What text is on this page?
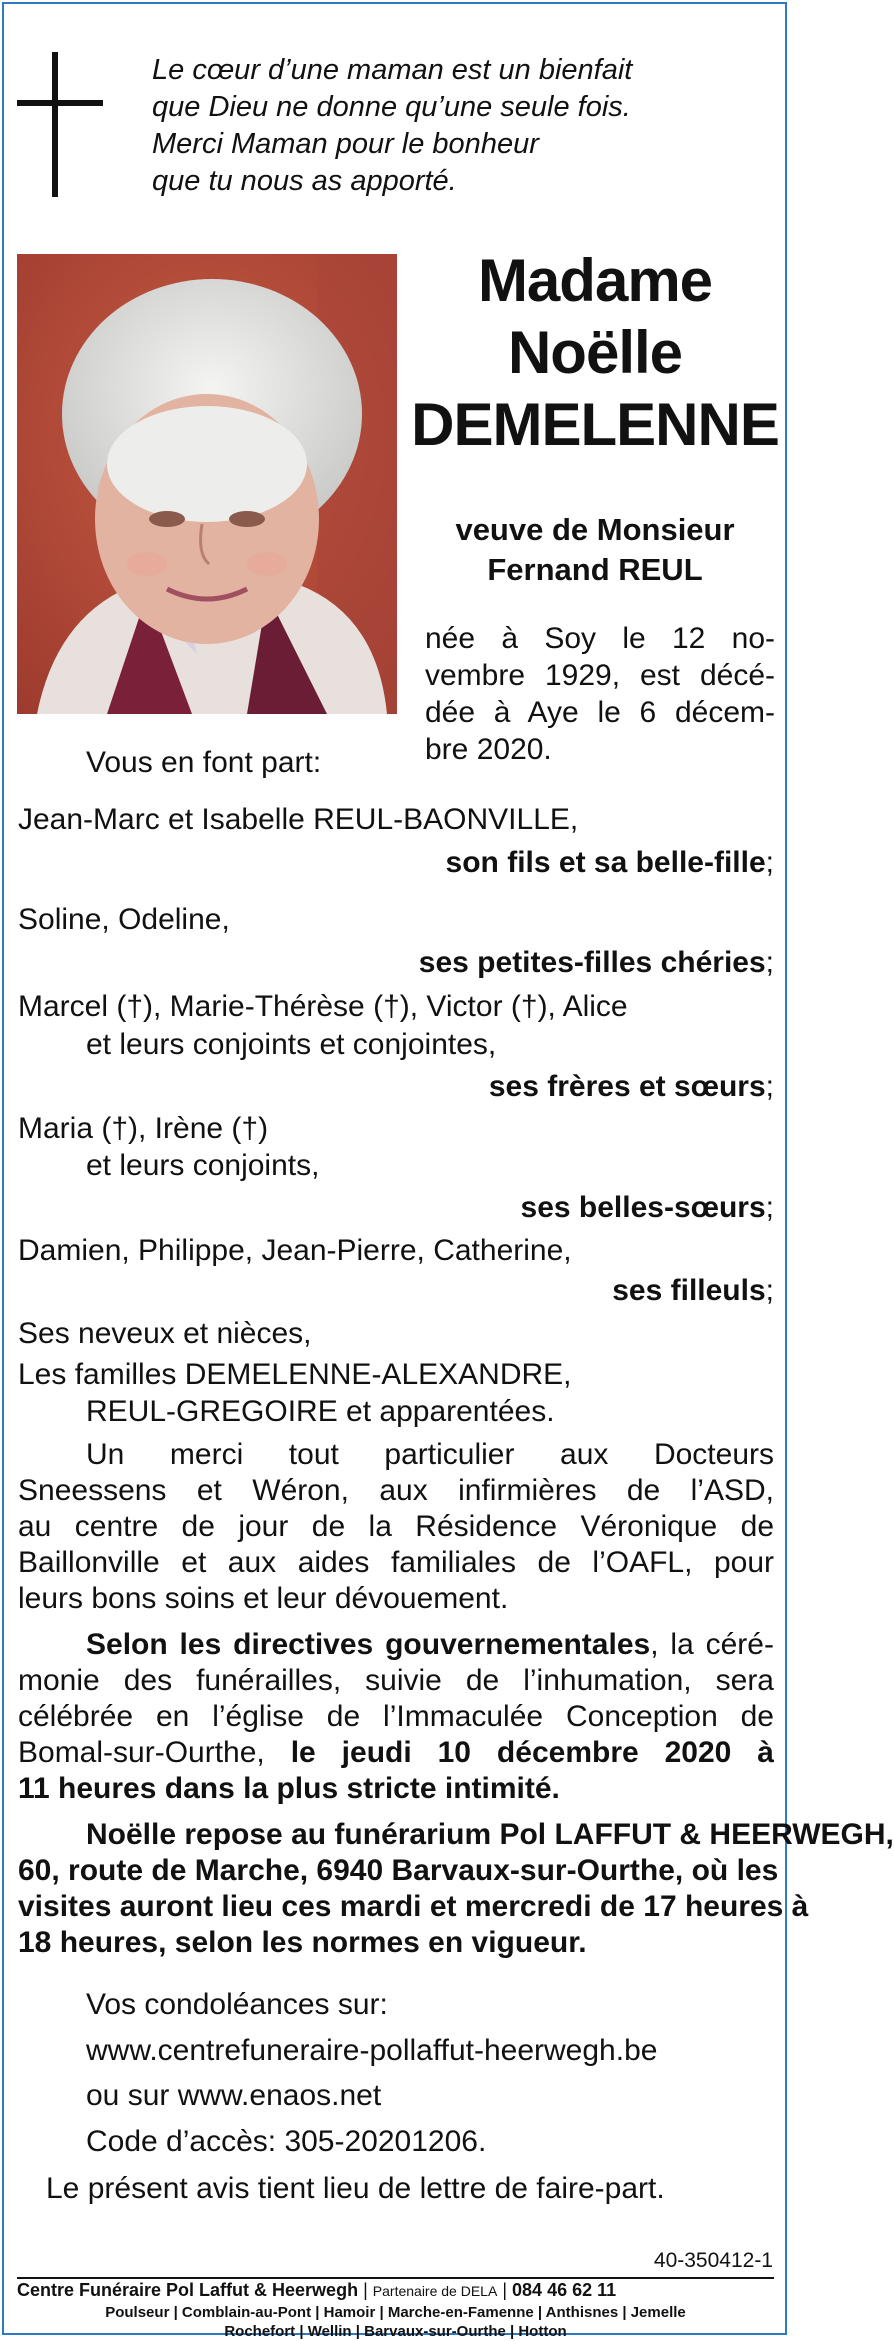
Le cœur d’une maman est un bienfait
que Dieu ne donne qu’une seule fois.
Merci Maman pour le bonheur
que tu nous as apporté.
Madame
Noëlle
DEMELENNE
veuve de Monsieur
Fernand REUL
née à Soy le 12 no-
vembre 1929, est décé-
dée à Aye le 6 décem-
bre 2020.
Vous en font part:
Jean-Marc et Isabelle REUL-BAONVILLE,
son fils et sa belle-fille;
Soline, Odeline,
ses petites-filles chéries;
Marcel (†), Marie-Thérèse (†), Victor (†), Alice
et leurs conjoints et conjointes,
ses frères et sœurs;
Maria (†), Irène (†)
et leurs conjoints,
ses belles-sœurs;
Damien, Philippe, Jean-Pierre, Catherine,
ses filleuls;
Ses neveux et nièces,
Les familles DEMELENNE-ALEXANDRE,
REUL-GREGOIRE et apparentées.
Un merci tout particulier aux Docteurs
Sneessens et Wéron, aux infirmières de l’ASD,
au centre de jour de la Résidence Véronique de
Baillonville et aux aides familiales de l’OAFL, pour
leurs bons soins et leur dévouement.
Selon les directives gouvernementales, la céré-
monie des funérailles, suivie de l’inhumation, sera
célébrée en l’église de l’Immaculée Conception de
Bomal-sur-Ourthe, le jeudi 10 décembre 2020 à
11 heures dans la plus stricte intimité.
Noëlle repose au funérarium Pol LAFFUT & HEERWEGH,
60, route de Marche, 6940 Barvaux-sur-Ourthe, où les
visites auront lieu ces mardi et mercredi de 17 heures à
18 heures, selon les normes en vigueur.
Vos condoléances sur:
www.centrefuneraire-pollaffut-heerwegh.be
ou sur www.enaos.net
Code d’accès: 305-20201206.
Le présent avis tient lieu de lettre de faire-part.
40-350412-1
Centre Funéraire Pol Laffut & Heerwegh | Partenaire de DELA | 084 46 62 11
Poulseur | Comblain-au-Pont | Hamoir | Marche-en-Famenne | Anthisnes | Jemelle
Rochefort | Wellin | Barvaux-sur-Ourthe | Hotton
